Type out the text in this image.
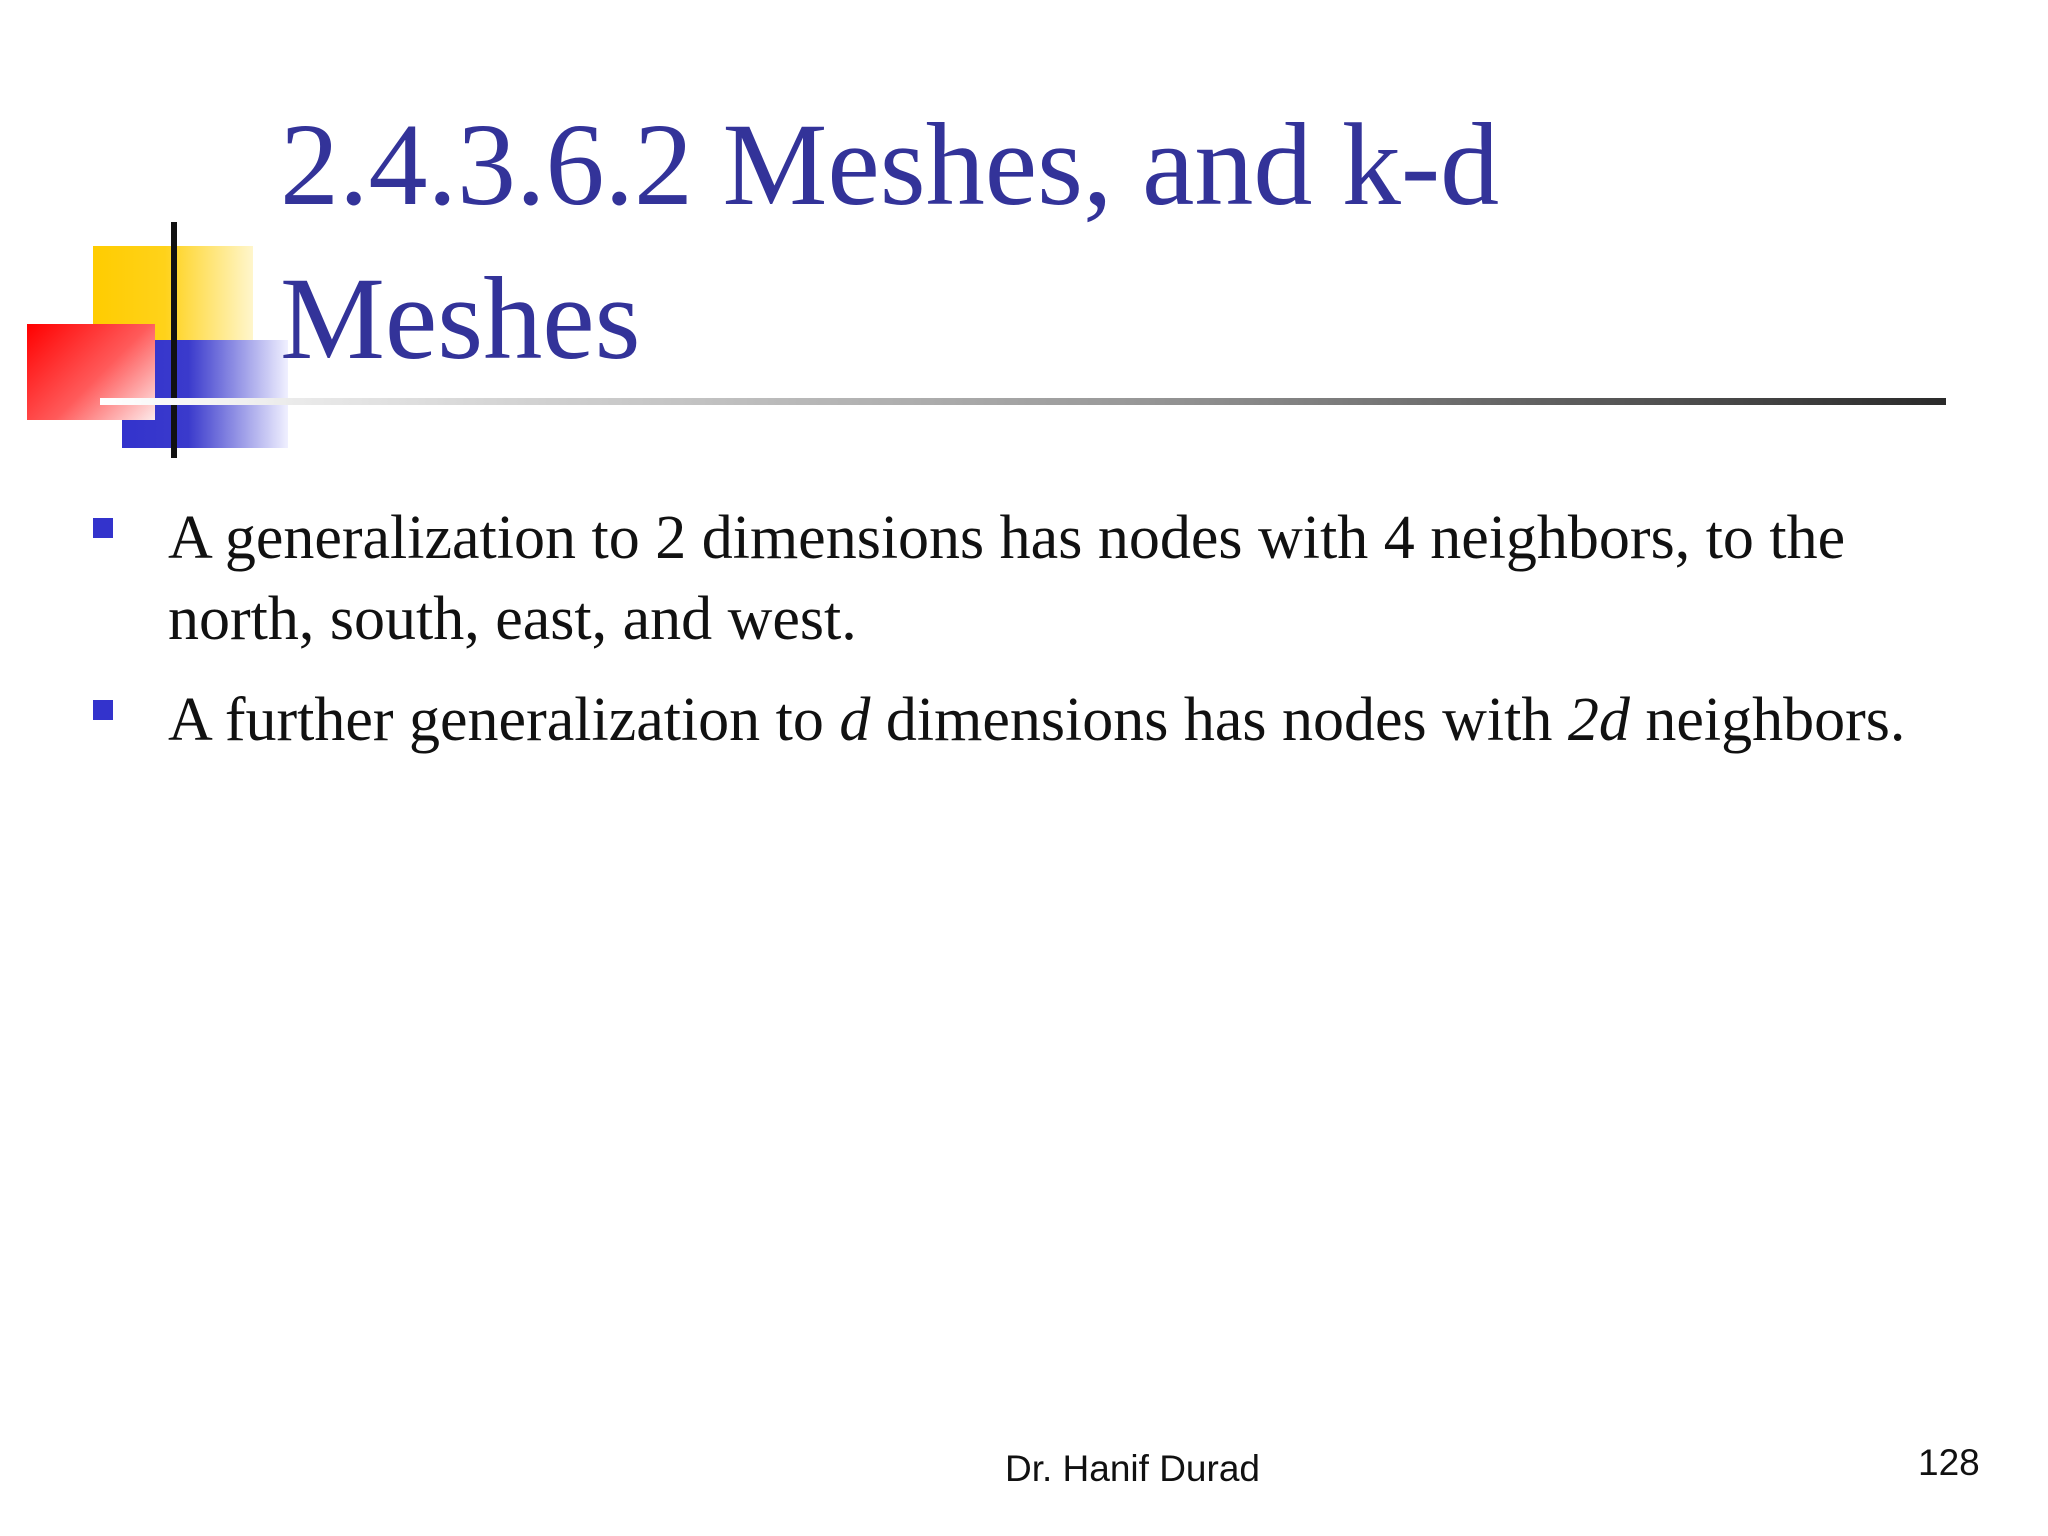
2.4.3.6.2 Meshes, and k-d
Meshes
A generalization to 2 dimensions has nodes with 4 neighbors, to the north, south, east, and west.
A further generalization to d dimensions has nodes with 2d neighbors.
Dr. Hanif Durad	128
